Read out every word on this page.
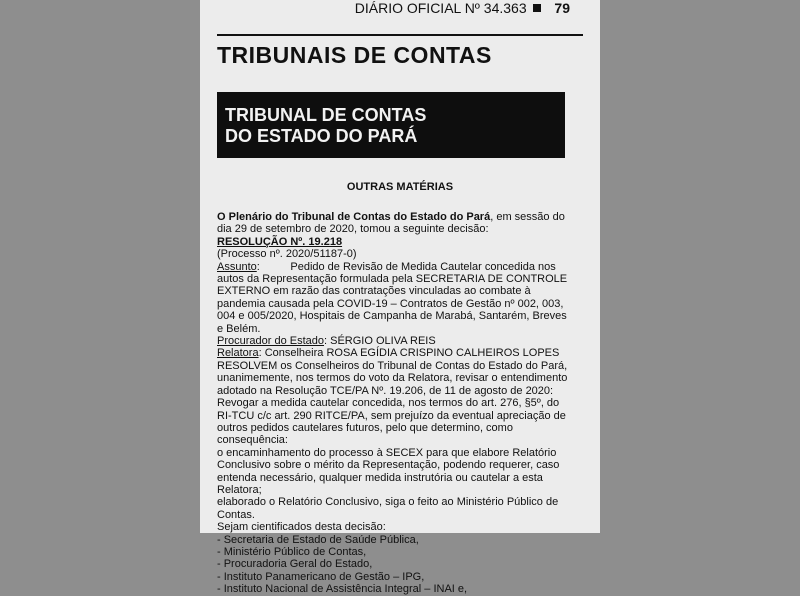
DIÁRIO OFICIAL Nº 34.363 79
TRIBUNAIS DE CONTAS
TRIBUNAL DE CONTAS
DO ESTADO DO PARÁ
OUTRAS MATÉRIAS

O Plenário do Tribunal de Contas do Estado do Pará, em sessão do dia 29 de setembro de 2020, tomou a seguinte decisão:

RESOLUÇÃO Nº. 19.218

(Processo nº. 2020/51187-0)

Assunto:          Pedido de Revisão de Medida Cautelar concedida nos autos da Representação formulada pela SECRETARIA DE CONTROLE EXTERNO em razão das contratações vinculadas ao combate à pandemia causada pela COVID-19 – Contratos de Gestão nº 002, 003, 004 e 005/2020, Hospitais de Campanha de Marabá, Santarém, Breves e Belém.

Procurador do Estado: SÉRGIO OLIVA REIS

Relatora: Conselheira ROSA EGÍDIA CRISPINO CALHEIROS LOPES

RESOLVEM os Conselheiros do Tribunal de Contas do Estado do Pará, unanimemente, nos termos do voto da Relatora, revisar o entendimento adotado na Resolução TCE/PA Nº. 19.206, de 11 de agosto de 2020:

Revogar a medida cautelar concedida, nos termos do art. 276, §5º, do RI-TCU c/c art. 290 RITCE/PA, sem prejuízo da eventual apreciação de outros pedidos cautelares futuros, pelo que determino, como consequência:

o encaminhamento do processo à SECEX para que elabore Relatório Conclusivo sobre o mérito da Representação, podendo requerer, caso entenda necessário, qualquer medida instrutória ou cautelar a esta Relatora;

elaborado o Relatório Conclusivo, siga o feito ao Ministério Público de Contas.

Sejam cientificados desta decisão:

- Secretaria de Estado de Saúde Pública,
- Ministério Público de Contas,
- Procuradoria Geral do Estado,
- Instituto Panamericano de Gestão – IPG,
- Instituto Nacional de Assistência Integral – INAI e,
